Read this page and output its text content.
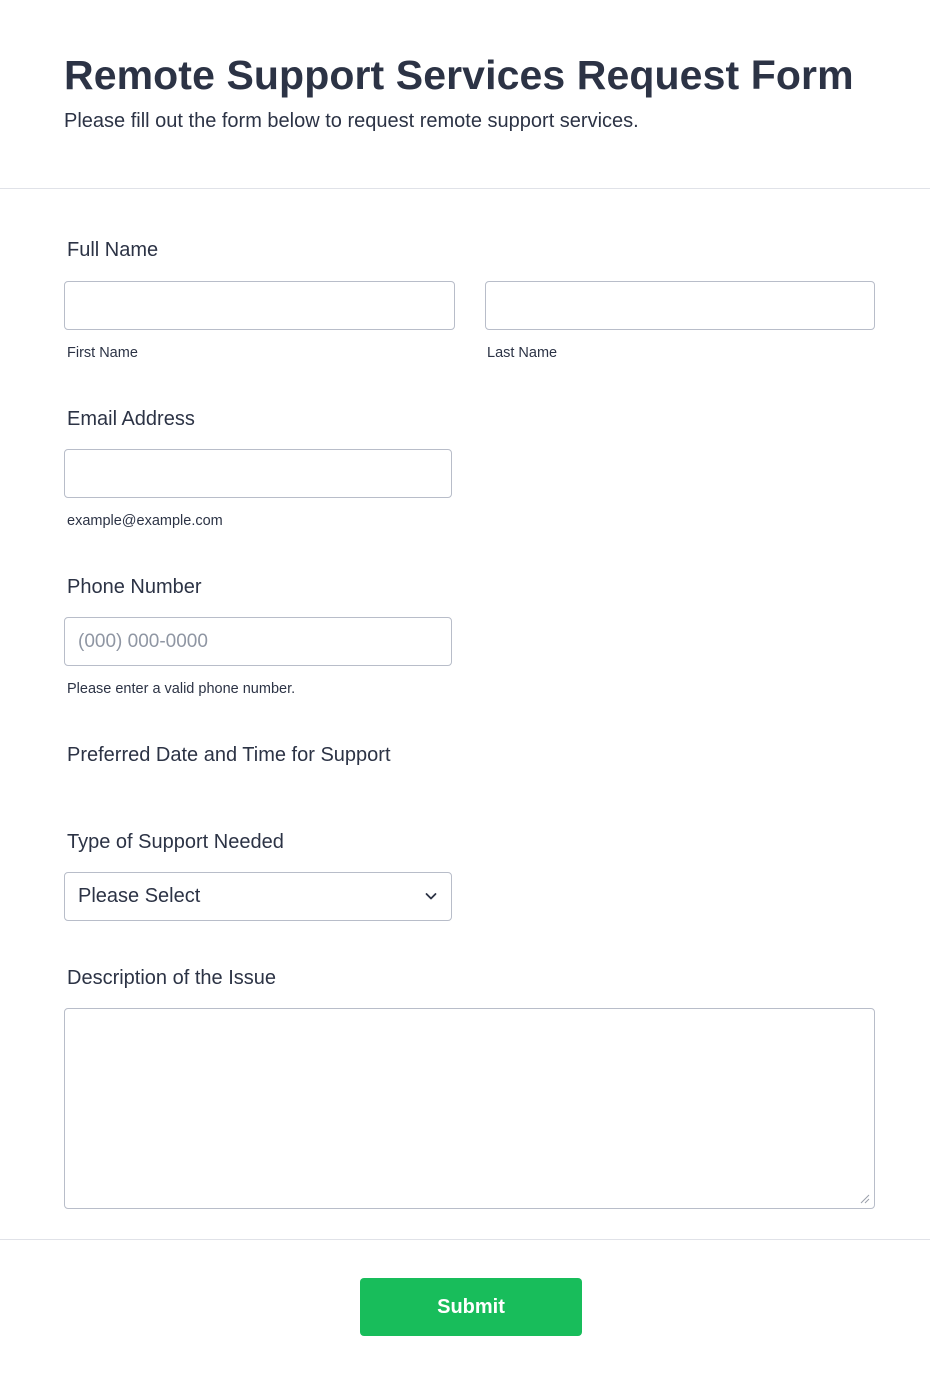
Remote Support Services Request Form

Please fill out the form below to request remote support services.

Full Name
First Name	Last Name
Email Address
example@example.com
Phone Number
(000) 000-0000
Please enter a valid phone number.
Preferred Date and Time for Support
Type of Support Needed
Please Select
Description of the Issue
Submit
